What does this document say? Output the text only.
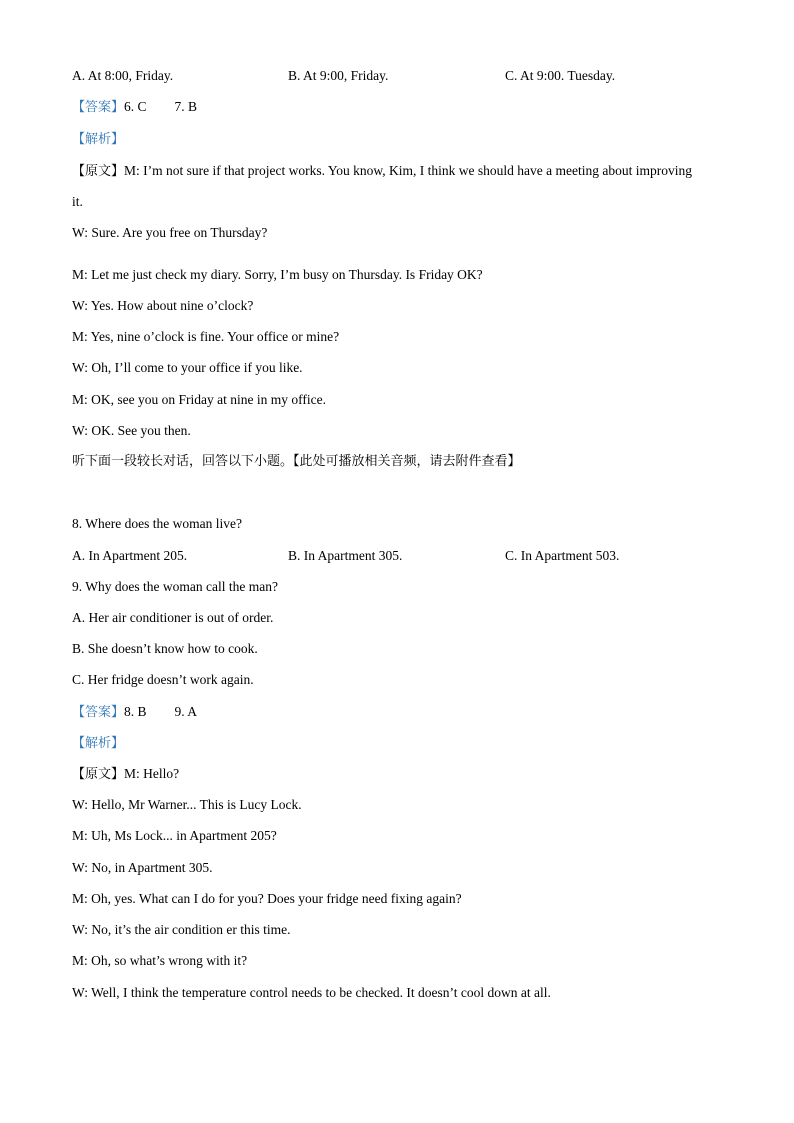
A. At 8:00, Friday.	B. At 9:00, Friday.	C. At 9:00. Tuesday.
【答案】6. C 7. B
【解析】
【原文】M: I’m not sure if that project works. You know, Kim, I think we should have a meeting about improving
it.
W: Sure. Are you free on Thursday?
M: Let me just check my diary. Sorry, I’m busy on Thursday. Is Friday OK?
W: Yes. How about nine o’clock?
M: Yes, nine o’clock is fine. Your office or mine?
W: Oh, I’ll come to your office if you like.
M: OK, see you on Friday at nine in my office.
W: OK. See you then.
听下面一段较长对话，回答以下小题。【此处可播放相关音频，请去附件查看】
8. Where does the woman live?
A. In Apartment 205.	B. In Apartment 305.	C. In Apartment 503.
9. Why does the woman call the man?
A. Her air conditioner is out of order.
B. She doesn’t know how to cook.
C. Her fridge doesn’t work again.
【答案】8. B 9. A
【解析】
【原文】M: Hello?
W: Hello, Mr Warner... This is Lucy Lock.
M: Uh, Ms Lock... in Apartment 205?
W: No, in Apartment 305.
M: Oh, yes. What can I do for you? Does your fridge need fixing again?
W: No, it’s the air condition er this time.
M: Oh, so what’s wrong with it?
W: Well, I think the temperature control needs to be checked. It doesn’t cool down at all.
